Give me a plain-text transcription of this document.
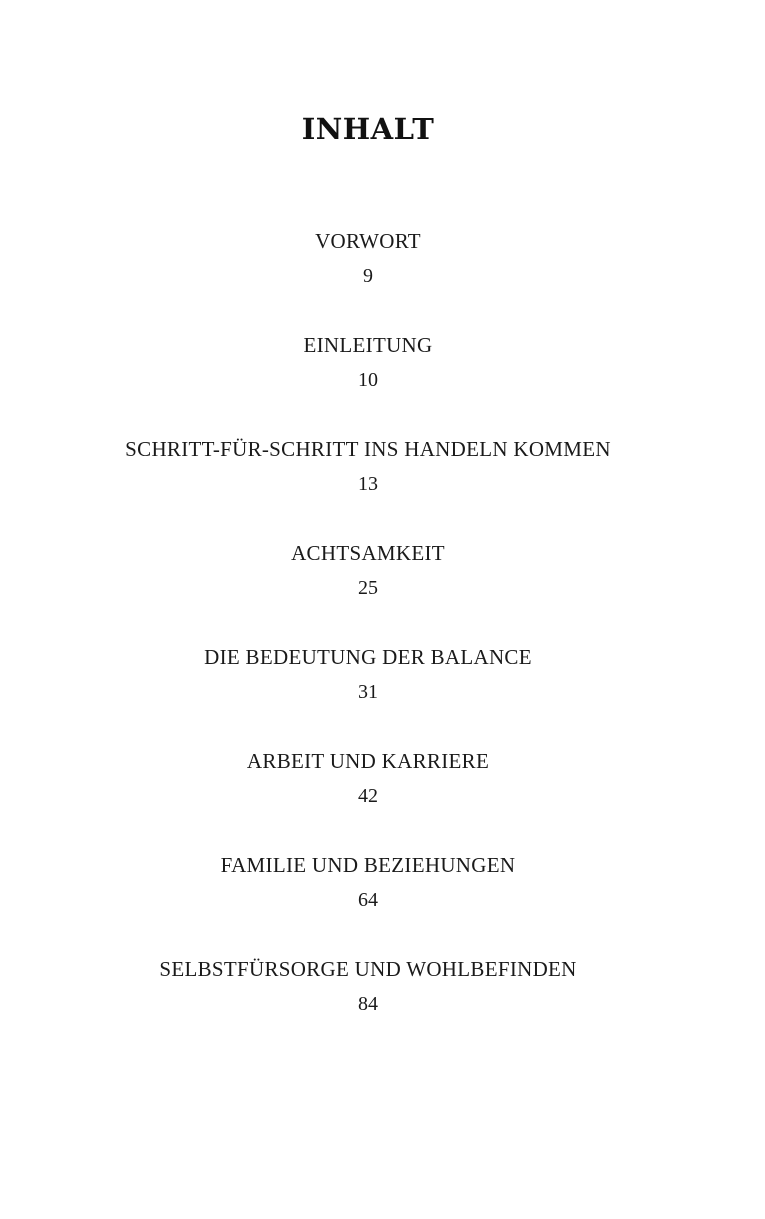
INHALT
VORWORT
9
EINLEITUNG
10
SCHRITT-FÜR-SCHRITT INS HANDELN KOMMEN
13
ACHTSAMKEIT
25
DIE BEDEUTUNG DER BALANCE
31
ARBEIT UND KARRIERE
42
FAMILIE UND BEZIEHUNGEN
64
SELBSTFÜRSORGE UND WOHLBEFINDEN
84
